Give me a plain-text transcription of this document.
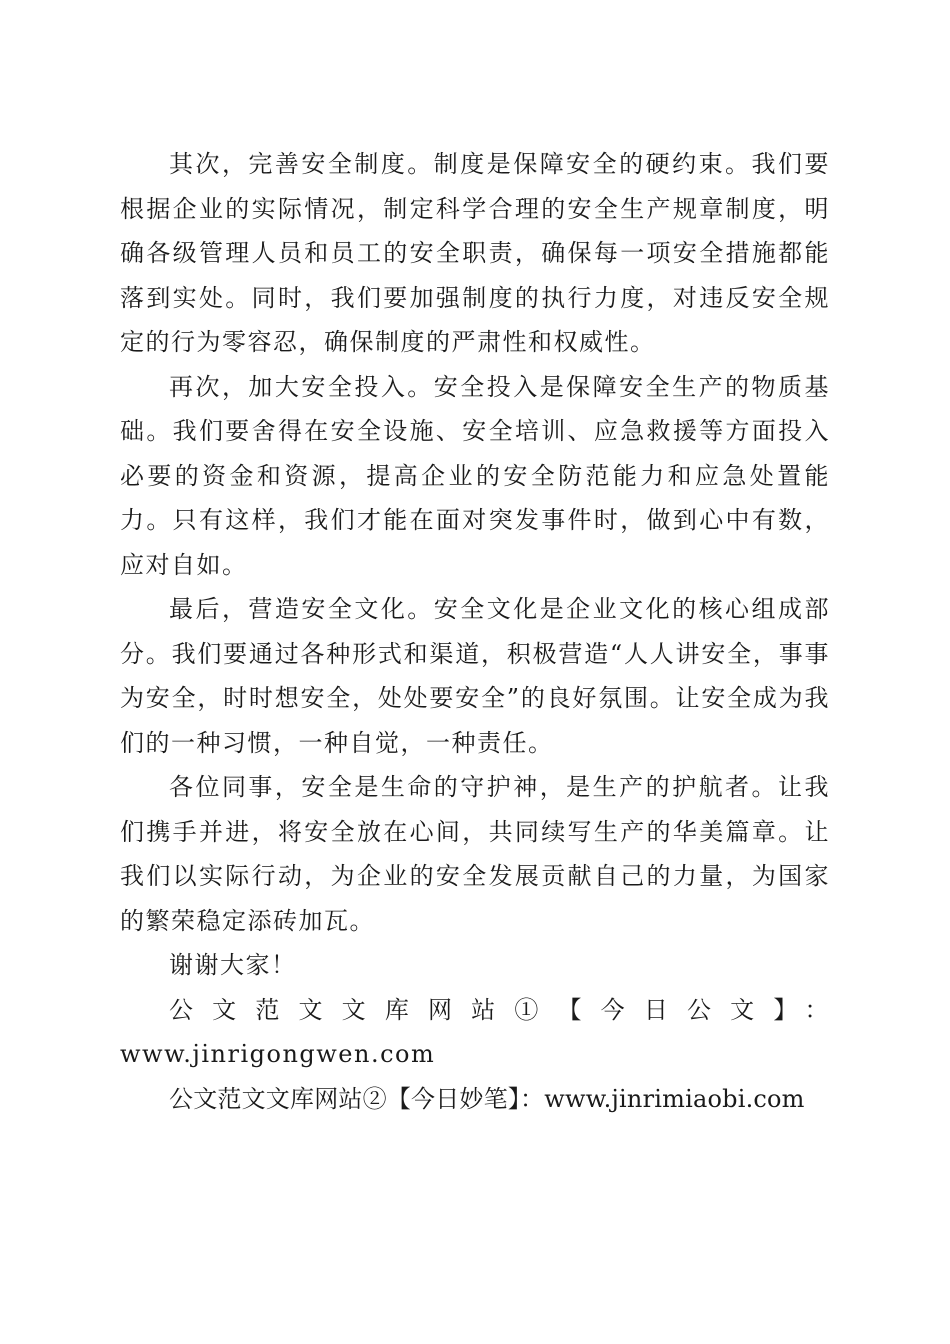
其次，完善安全制度。制度是保障安全的硬约束。我们要根据企业的实际情况，制定科学合理的安全生产规章制度，明确各级管理人员和员工的安全职责，确保每一项安全措施都能落到实处。同时，我们要加强制度的执行力度，对违反安全规定的行为零容忍，确保制度的严肃性和权威性。

再次，加大安全投入。安全投入是保障安全生产的物质基础。我们要舍得在安全设施、安全培训、应急救援等方面投入必要的资金和资源，提高企业的安全防范能力和应急处置能力。只有这样，我们才能在面对突发事件时，做到心中有数，应对自如。

最后，营造安全文化。安全文化是企业文化的核心组成部分。我们要通过各种形式和渠道，积极营造“人人讲安全，事事为安全，时时想安全，处处要安全”的良好氛围。让安全成为我们的一种习惯，一种自觉，一种责任。

各位同事，安全是生命的守护神，是生产的护航者。让我们携手并进，将安全放在心间，共同续写生产的华美篇章。让我们以实际行动，为企业的安全发展贡献自己的力量，为国家的繁荣稳定添砖加瓦。

谢谢大家！

公文范文文库网站①【今日公文】：
www.jinrigongwen.com

公文范文文库网站②【今日妙笔】：www.jinrimiaobi.com
